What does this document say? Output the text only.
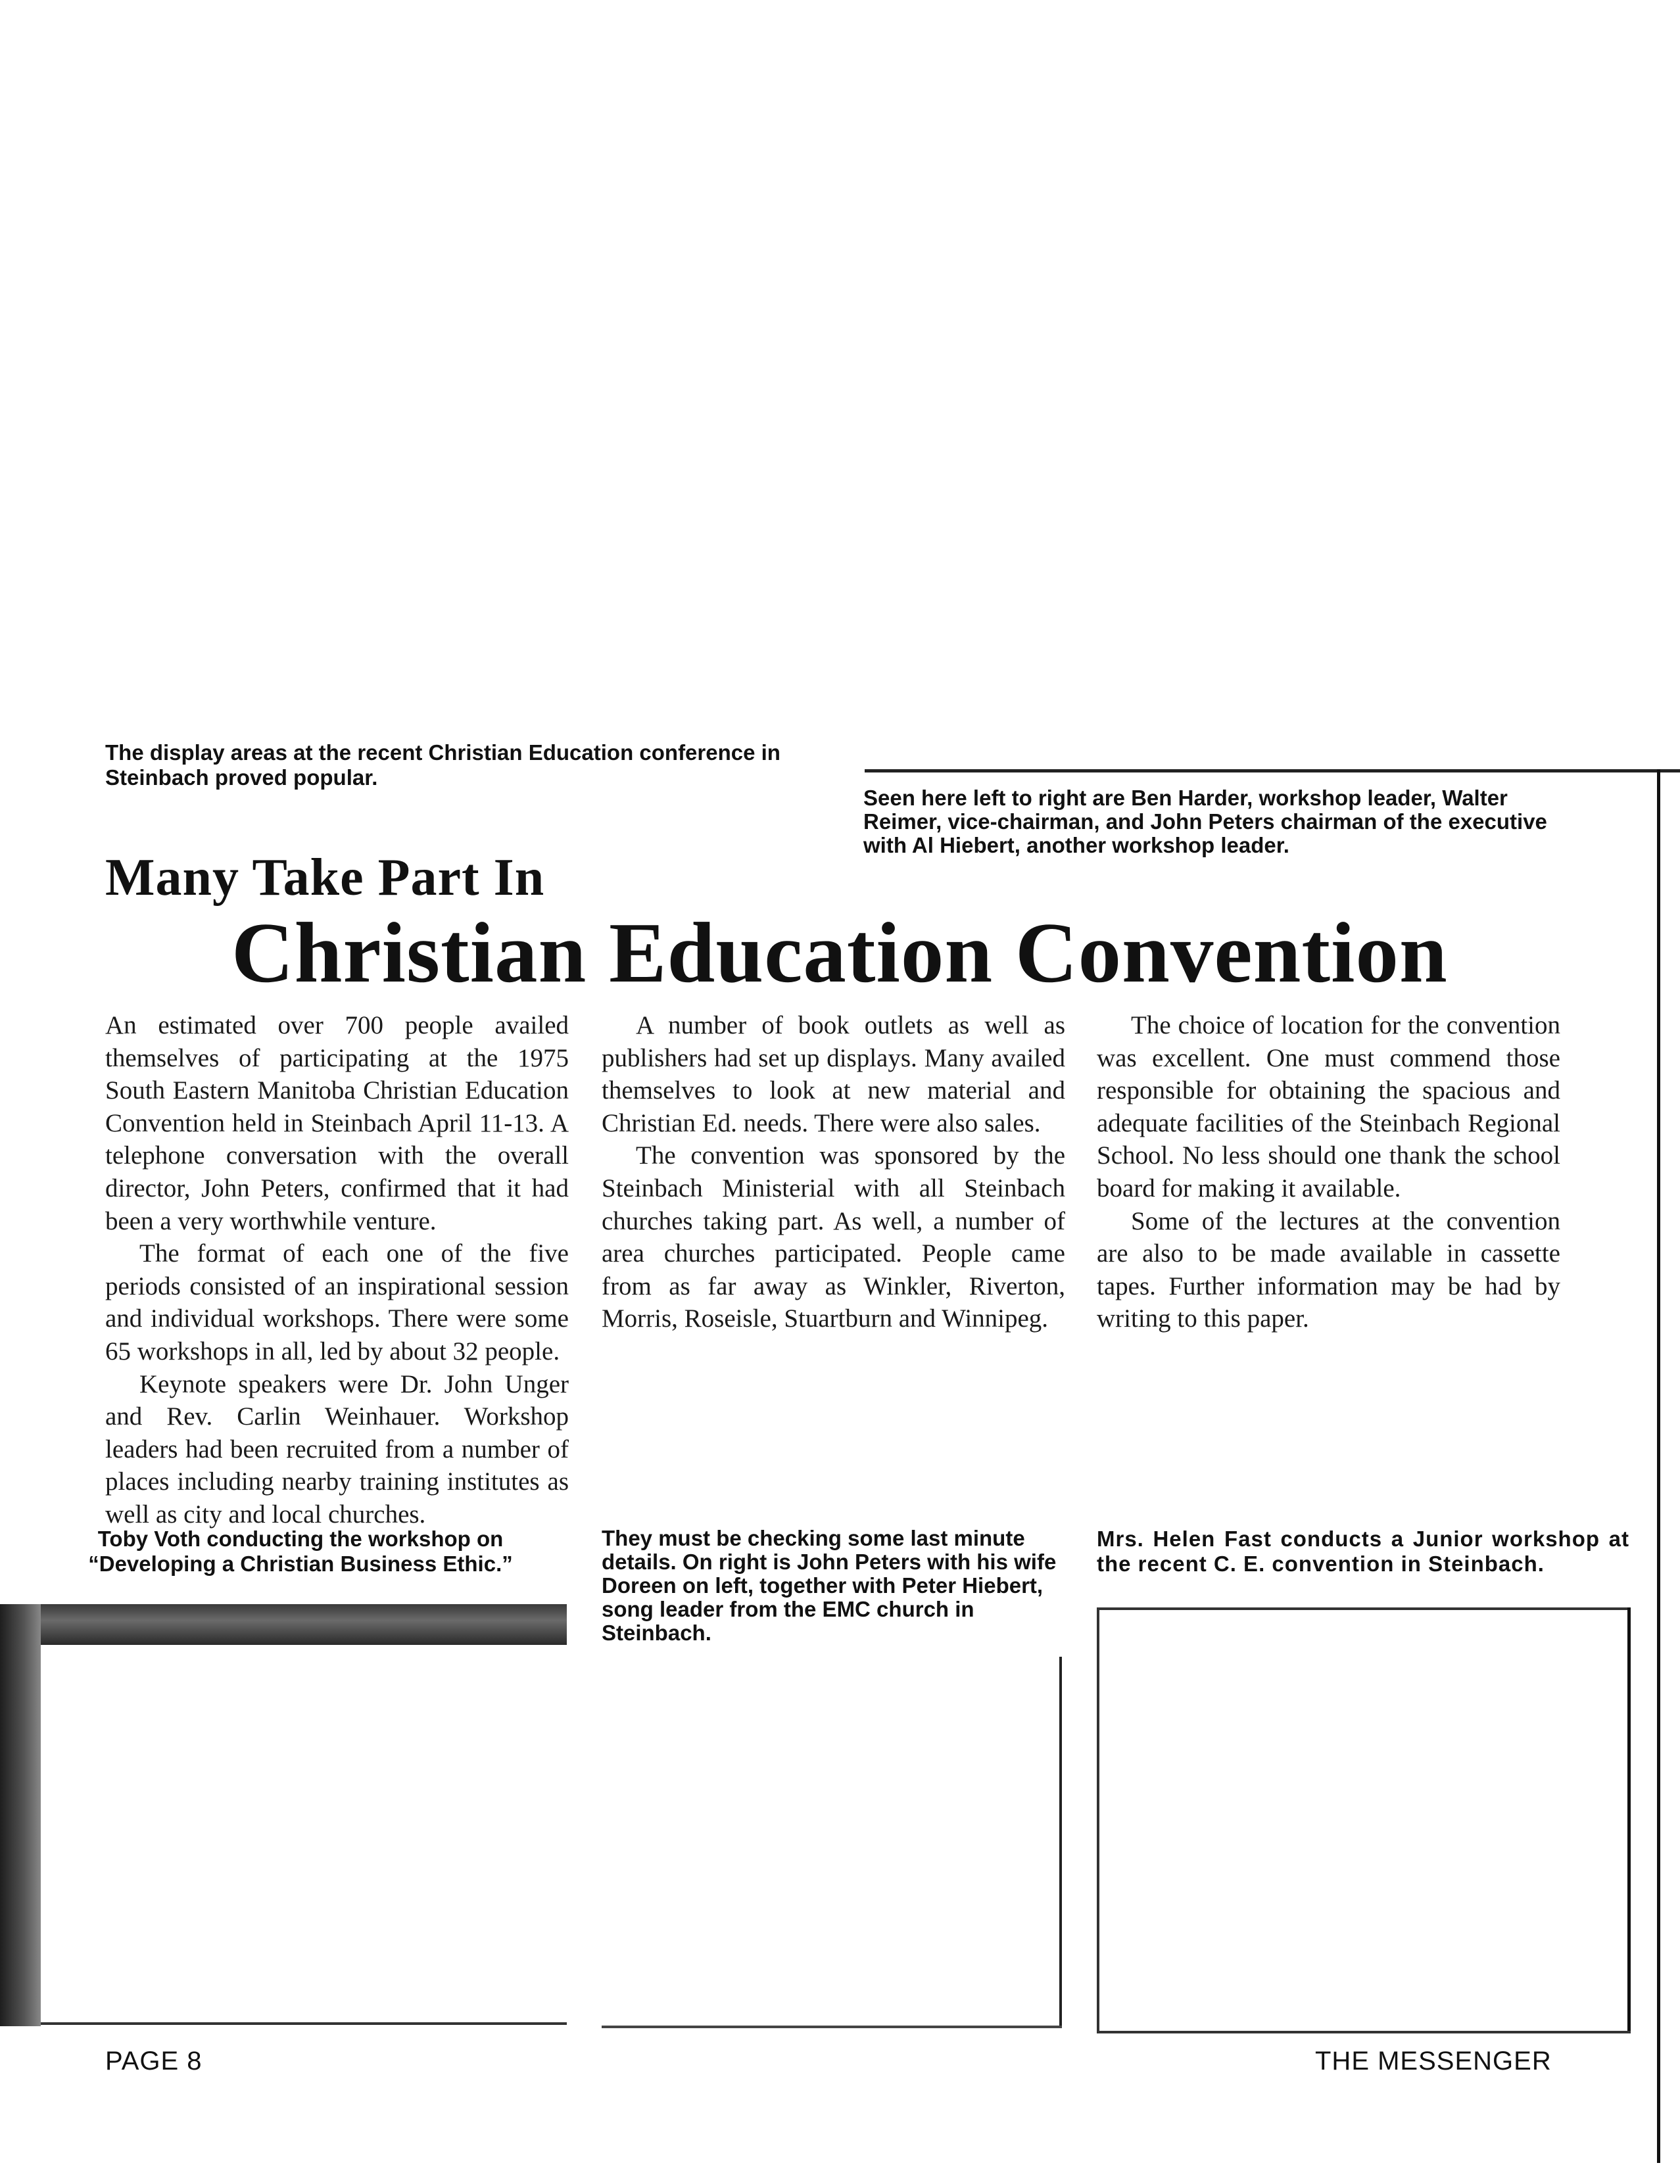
The display areas at the recent Christian Education conference in Steinbach proved popular.

Seen here left to right are Ben Harder, workshop leader, Walter Reimer, vice-chairman, and John Peters chairman of the executive with Al Hiebert, another workshop leader.

Many Take Part In
Christian Education Convention

An estimated over 700 people availed themselves of participating at the 1975 South Eastern Manitoba Christian Education Convention held in Steinbach April 11-13. A telephone conversation with the overall director, John Peters, confirmed that it had been a very worthwhile venture.

The format of each one of the five periods consisted of an inspirational session and individual workshops. There were some 65 workshops in all, led by about 32 people.

Keynote speakers were Dr. John Unger and Rev. Carlin Weinhauer. Workshop leaders had been recruited from a number of places including nearby training institutes as well as city and local churches.

A number of book outlets as well as publishers had set up displays. Many availed themselves to look at new material and Christian Ed. needs. There were also sales.

The convention was sponsored by the Steinbach Ministerial with all Steinbach churches taking part. As well, a number of area churches participated. People came from as far away as Winkler, Riverton, Morris, Roseisle, Stuartburn and Winnipeg.

The choice of location for the convention was excellent. One must commend those responsible for obtaining the spacious and adequate facilities of the Steinbach Regional School. No less should one thank the school board for making it available.

Some of the lectures at the convention are also to be made available in cassette tapes. Further information may be had by writing to this paper.

Toby Voth conducting the workshop on “Developing a Christian Business Ethic.”

They must be checking some last minute details. On right is John Peters with his wife Doreen on left, together with Peter Hiebert, song leader from the EMC church in Steinbach.

Mrs. Helen Fast conducts a Junior workshop at the recent C. E. convention in Steinbach.

PAGE 8	THE MESSENGER
